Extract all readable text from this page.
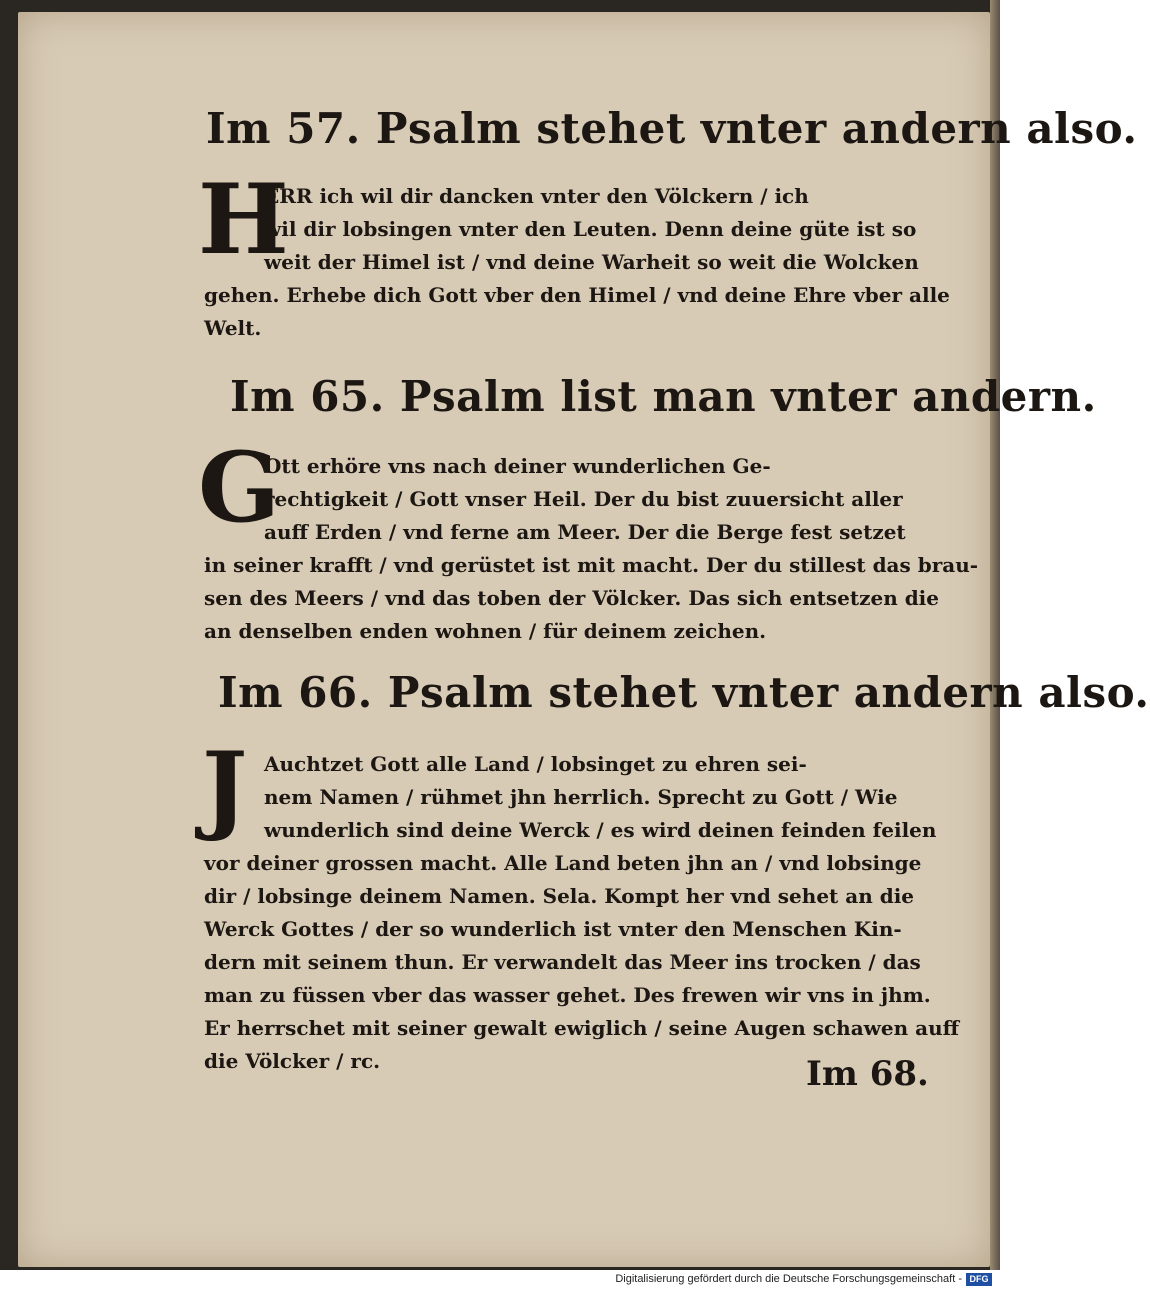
Im 57. Psalm stehet vnter andern also.
H
ERR ich wil dir dancken vnter den Völckern / ich
wil dir lobsingen vnter den Leuten. Denn deine güte ist so
weit der Himel ist / vnd deine Warheit so weit die Wolcken
gehen. Erhebe dich Gott vber den Himel / vnd deine Ehre vber alle
Welt.
Im 65. Psalm list man vnter andern.
G
Ott erhöre vns nach deiner wunderlichen Ge-
rechtigkeit / Gott vnser Heil. Der du bist zuuersicht aller
auff Erden / vnd ferne am Meer. Der die Berge fest setzet
in seiner krafft / vnd gerüstet ist mit macht. Der du stillest das brau-
sen des Meers / vnd das toben der Völcker. Das sich entsetzen die
an denselben enden wohnen / für deinem zeichen.
Im 66. Psalm stehet vnter andern also.
J Auchtzet Gott alle Land / lobsinget zu ehren sei-
nem Namen / rühmet jhn herrlich. Sprecht zu Gott / Wie
wunderlich sind deine Werck / es wird deinen feinden feilen
vor deiner grossen macht. Alle Land beten jhn an / vnd lobsinge
dir / lobsinge deinem Namen. Sela. Kompt her vnd sehet an die
Werck Gottes / der so wunderlich ist vnter den Menschen Kin-
dern mit seinem thun. Er verwandelt das Meer ins trocken / das
man zu füssen vber das wasser gehet. Des frewen wir vns in jhm.
Er herrschet mit seiner gewalt ewiglich / seine Augen schawen auff
die Völcker / rc.	Im 68.
Digitalisierung gefördert durch die Deutsche Forschungsgemeinschaft - DFG
